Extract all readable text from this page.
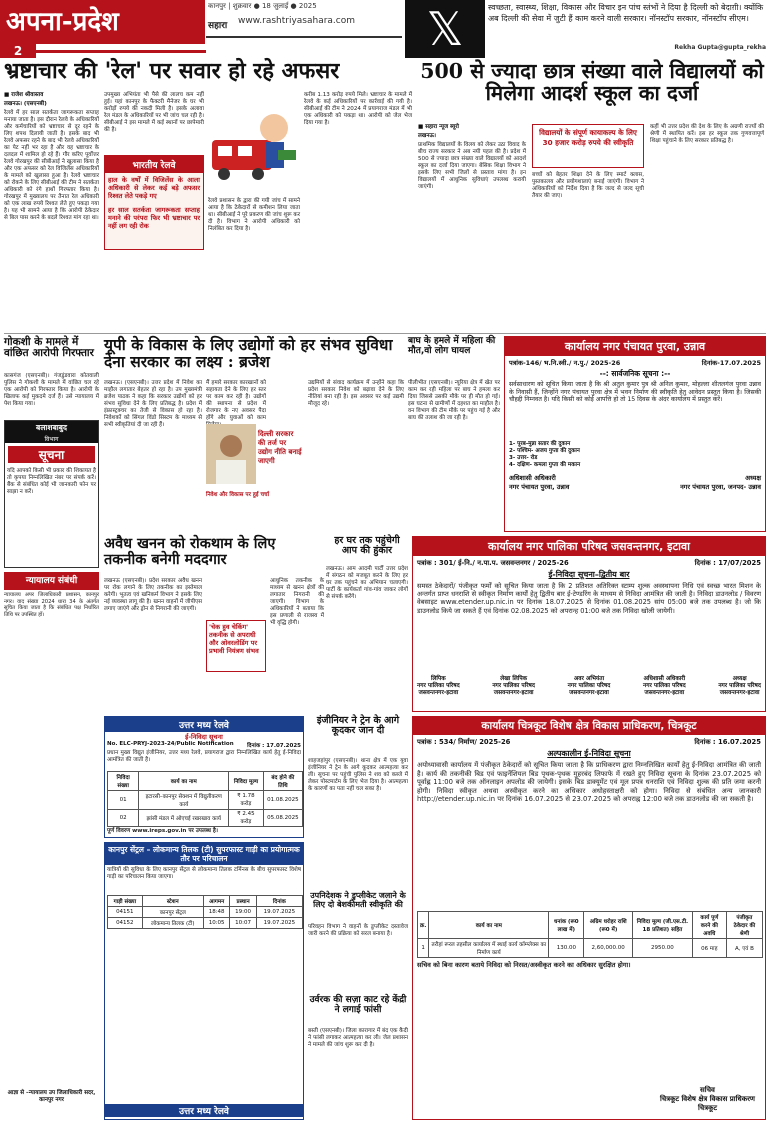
अपना-प्रदेश
2
कानपुर | शुक्रवार ● 18 जुलाई ● 2025
सहारा	www.rashtriyasahara.com	𝕏	स्वच्छता, स्वास्थ्य, शिक्षा, विकास और विचार इन पांच स्तंभों ने दिया है दिल्ली को बेदाग़ी। क्योंकि अब दिल्ली की सेवा में जुटी हैं काम करने वाली सरकार। नॉनस्टॉप सरकार, नॉनस्टॉप सीएम।
Rekha Gupta@gupta_rekha
भ्रष्टाचार की 'रेल' पर सवार हो रहे अफसर
■ राजेश श्रीवास्तव
लखनऊ। (एसएनबी)
रेलवे में हर साल सतर्कता जागरूकता सप्ताह मनाया जाता है। इस दौरान रेलवे के अधिकारियों और कर्मचारियों को भ्रष्टाचार से दूर रहने के लिए शपथ दिलायी जाती है। इसके बाद भी रेलवे अफसर रहने के बाद भी रेलवे अधिकारियों का पेट नहीं भर रहा है और वह भ्रष्टाचार के दलदल में शामिल हो रहे हैं। गौर करिए पूर्वोत्तर रेलवे गोरखपुर की सीबीआई ने खुलासा किया है और एक अफसर को रेल विजिलेंस अधिकारियों के मामले को खुलासा हुआ है। रेलवे भ्रष्टाचार को रोकने के लिए सीबीआई की टीम ने सतर्कता अधिकारी को रंगे हाथों गिरफ्तार किया है। गोरखपुर में मुख्यालय पर तैनात रेल अधिकारी को एक लाख रुपये रिश्वत लेते हुए पकड़ा गया है। यह भी सामने आया है कि आरोपी ठेकेदार से बिल पास करने के बदले रिश्वत मांग रहा था।
उपमुख्य अभियंता भी पैसे की लालच कम नहीं हुई। यहां कानपुर के फैक्टरी मैनेजर के घर भी करोड़ों रुपये की नकदी मिली है। इसके अलावा रेल मंडल के अधिकारियों पर भी जांच चल रही है। सीबीआई ने इस मामले में कई स्थानों पर छापेमारी की है।
भारतीय रेलवे
हाल के वर्षों में विजिलेंस के आला अधिकारी से लेकर कई बड़े अफसर रिश्वत लेते पकड़े गए
हर साल सतर्कता जागरूकता सप्ताह मनाने की परंपरा फिर भी भ्रष्टाचार पर नहीं लग रही रोक
रेलवे प्रशासन के द्वारा की गयी जांच में सामने आया है कि ठेकेदारों से कमीशन लिया जाता था। सीबीआई ने पूरे प्रकरण की जांच शुरू कर दी है। विभाग ने आरोपी अधिकारी को निलंबित कर दिया है।
करीब 1.13 करोड़ रुपये मिले। भ्रष्टाचार के मामले में रेलवे के कई अधिकारियों पर कार्रवाई की गयी है। सीबीआई की टीम ने 2024 में प्रयागराज मंडल में भी एक अधिकारी को पकड़ा था। आरोपी को जेल भेज दिया गया है।
500 से ज्यादा छात्र संख्या वाले विद्यालयों को मिलेगा आदर्श स्कूल का दर्जा
■ सहारा न्यूज ब्यूरो
लखनऊ।
प्राथमिक विद्यालयों के विलय को लेकर उठा विवाद के बीच राज्य सरकार ने अब नयी पहल की है। प्रदेश में 500 से ज्यादा छात्र संख्या वाले विद्यालयों को आदर्श स्कूल का दर्जा दिया जाएगा। बेसिक शिक्षा विभाग ने इसके लिए सभी जिलों से प्रस्ताव मांगा है। इन विद्यालयों में आधुनिक सुविधाएं उपलब्ध करायी जाएंगी।
विद्यालयों के संपूर्ण कायाकल्प के लिए 30 हजार करोड़ रुपये की स्वीकृति
बच्चों को बेहतर शिक्षा देने के लिए स्मार्ट क्लास, पुस्तकालय और प्रयोगशालाएं बनाई जाएंगी। विभाग ने अधिकारियों को निर्देश दिया है कि जल्द से जल्द सूची तैयार की जाए।
कहीं भी उत्तर प्रदेश की देश के लिए के अग्रणी राज्यों की श्रेणी में स्थापित करें। इस हर स्कूल तक गुणवत्तापूर्ण शिक्षा पहुंचाने के लिए सरकार प्रतिबद्ध है।
गोकशी के मामले में वांछित आरोपी गिरफ्तार
कासगंज (एसएनबी)। गंजडुंडवारा कोतवाली पुलिस ने गोकशी के मामले में वांछित चल रहे एक आरोपी को गिरफ्तार किया है। आरोपी के खिलाफ कई मुकदमे दर्ज हैं। उसे न्यायालय में पेश किया गया।
बलाशबाबुद
विभाग
सूचना
यदि आपको किसी भी प्रकार की शिकायत है तो कृपया निम्नलिखित नंबर पर संपर्क करें। बैंक से संबंधित कोई भी जानकारी फोन पर साझा न करें।
न्यायालय संबंधी
न्यायालय अपर जिलाधिकारी प्रशासन, कानपुर नगर। वाद संख्या 2024 धारा 34 के अंतर्गत सूचित किया जाता है कि संबंधित पक्ष निर्धारित तिथि पर उपस्थित हों।
आज्ञा से –न्यायालय उप जिलाधिकारी सदर, कानपुर नगर
यूपी के विकास के लिए उद्योगों को हर संभव सुविधा देना सरकार का लक्ष्य : ब्रजेश
लखनऊ। (एसएनबी)। उत्तर प्रदेश में निवेश का माहौल लगातार बेहतर हो रहा है। उप मुख्यमंत्री ब्रजेश पाठक ने कहा कि सरकार उद्योगों को हर संभव सुविधा देने के लिए प्रतिबद्ध है। प्रदेश में इंफ्रास्ट्रक्चर का तेजी से विकास हो रहा है। निवेशकों को सिंगल विंडो सिस्टम के माध्यम से सभी स्वीकृतियां दी जा रही हैं।
मैं हमारे सरकार कारखानों को सहायता देने के लिए हर स्तर पर काम कर रही है। उद्योगों की स्थापना से प्रदेश में रोजगार के नए अवसर पैदा होंगे और युवाओं को काम
दिल्ली सरकार की तर्ज पर उद्योग नीति बनाई जाएगी
निवेश और विकास पर हुई चर्चा
उद्यमियों से संवाद कार्यक्रम में उन्होंने कहा कि प्रदेश सरकार निवेश को बढ़ावा देने के लिए नीतियां बना रही है। इस अवसर पर कई उद्यमी मौजूद रहे।
बाघ के हमले में महिला की मौत,वो लोग घायल
पीलीभीत (एसएनबी)। न्यूरिया क्षेत्र में खेत पर काम कर रही महिला पर बाघ ने हमला कर दिया जिससे उसकी मौके पर ही मौत हो गई। इस घटना से ग्रामीणों में दहशत का माहौल है। वन विभाग की टीम मौके पर पहुंच गई है और बाघ की तलाश की जा रही है।
कार्यालय नगर पंचायत पुरवा, उन्नाव
पत्रांक-146/ भ.नि.स्वी./ न.पु./ 2025-26	दिनांक-17.07.2025
--: सार्वजनिक सूचना :--
सर्वसाधारण को सूचित किया जाता है कि श्री अतुल कुमार पुत्र श्री अनिल कुमार, मोहल्ला शीतलगंज पुरवा उन्नाव के निवासी हैं, जिन्होंने नगर पंचायत पुरवा क्षेत्र में भवन निर्माण की स्वीकृति हेतु आवेदन प्रस्तुत किया है। जिसकी चौहद्दी निम्नवत है। यदि किसी को कोई आपत्ति हो तो 15 दिवस के अंदर कार्यालय में प्रस्तुत करें।
1- पूरब-मुन्ना सतार की दुकान
2- पश्चिम- अजय गुप्ता की दुकान
3- उत्तर- रोड
4- दक्षिण- कमला गुप्ता की मकान
अधिशासी अधिकारी	अध्यक्ष
नगर पंचायत पुरवा, उन्नाव	नगर पंचायत पुरवा, जनपद- उन्नाव
अवैध खनन को रोकथाम के लिए तकनीक बनेगी मददगार
लखनऊ (एसएनबी)। प्रदेश सरकार अवैध खनन पर रोक लगाने के लिए तकनीक का इस्तेमाल करेगी। भूतत्व एवं खनिकर्म विभाग ने इसके लिए नई व्यवस्था लागू की है। खनन वाहनों में जीपीएस लगाए जाएंगे और ड्रोन से निगरानी की जाएगी।
'चेक हुव चेकिंग' तकनीक से अपराधी और ओवरलोडिंग पर प्रभावी नियंत्रण संभव
आधुनिक तकनीक के माध्यम से खनन क्षेत्रों की लगातार निगरानी की जाएगी। विभाग के अधिकारियों ने बताया कि इस प्रणाली से राजस्व में भी वृद्धि होगी।
हर घर तक पहुंचेगी आप की हुंकार
लखनऊ। आम आदमी पार्टी उत्तर प्रदेश में संगठन को मजबूत करने के लिए हर घर तक पहुंचने का अभियान चलाएगी। पार्टी के कार्यकर्ता गांव-गांव जाकर लोगों से संपर्क करेंगे।
कार्यालय नगर पालिका परिषद जसवन्तनगर, इटावा
पत्रांक : 301/ ई-नि./ न.पा.प. जसवन्तनगर / 2025-26	दिनांक : 17/07/2025
ई-निविदा सूचना–द्वितीय बार
समस्त ठेकेदारों/ पंजीकृत फर्मों को सूचित किया जाता है कि 2 प्रतिशत अतिरिक्त स्टाम्प शुल्क अवस्थापना निधि एवं स्वच्छ भारत मिशन के अन्तर्गत प्राप्त धनराशि से स्वीकृत निर्माण कार्यों हेतु द्वितीय बार ई-टेण्डरिंग के माध्यम से निविदा आमंत्रित की जाती है। निविदा डाउनलोड / विवरण वेबसाइट www.etender.up.nic.in पर दिनांक 18.07.2025 से दिनांक 01.08.2025 सांय 05:00 बजे तक उपलब्ध है। जो कि डाउनलोड किये जा सकते हैं एवं दिनांक 02.08.2025 को अपरान्ह 01:00 बजे तक निविदा खोली जायेगी।
लिपिक
नगर पालिका परिषद
जसवन्तनगर-इटावा
लेखा लिपिक
नगर पालिका परिषद
जसवन्तनगर-इटावा
अवर अभियंता
नगर पालिका परिषद
जसवन्तनगर-इटावा
अधिशासी अधिकारी
नगर पालिका परिषद
जसवन्तनगर-इटावा
अध्यक्ष
नगर पालिका परिषद
जसवन्तनगर-इटावा
उत्तर मध्य रेलवे
ई-निविदा सूचना
No. ELC-PRYJ-2023-24/Public Notification दिनांक : 17.07.2025
प्रधान मुख्य विद्युत इंजीनियर, उत्तर मध्य रेलवे, प्रयागराज द्वारा निम्नलिखित कार्य हेतु ई-निविदा आमंत्रित की जाती है।
निविदा संख्या	कार्य का नाम	निविदा मूल्य	बंद होने की तिथि
01	इटारसी–कानपुर सेक्शन में विद्युतीकरण कार्य	₹ 1.78 करोड़	01.08.2025
02	झांसी मंडल में ओएचई रखरखाव कार्य	₹ 2.45 करोड़	05.08.2025
पूर्ण विवरण www.ireps.gov.in पर उपलब्ध है।
कानपुर सेंट्रल – लोकमान्य तिलक (टी) सुपरफास्ट गाड़ी का प्रयोगात्मक तौर पर परिचालन
यात्रियों की सुविधा के लिए कानपुर सेंट्रल से लोकमान्य तिलक टर्मिनस के बीच सुपरफास्ट विशेष गाड़ी का परिचालन किया जाएगा।
गाड़ी संख्या	स्टेशन	आगमन	प्रस्थान	दिनांक
04151	कानपुर सेंट्रल	18:48	19:00	19.07.2025
04152	लोकमान्य तिलक (टी)	10:05	10:07	19.07.2025
उत्तर मध्य रेलवे
इंजीनियर ने ट्रेन के आगे कूदकर जान दी
शाहजहांपुर (एसएनबी)। थाना क्षेत्र में एक युवा इंजीनियर ने ट्रेन के आगे कूदकर आत्महत्या कर ली। सूचना पर पहुंची पुलिस ने शव को कब्जे में लेकर पोस्टमार्टम के लिए भेज दिया है। आत्महत्या के कारणों का पता नहीं चल सका है।
उर्वरक की सज़ा काट रहे केंद्री ने लगाई फांसी
बस्ती (एसएनबी)। जिला कारागार में बंद एक कैदी ने फांसी लगाकर आत्महत्या कर ली। जेल प्रशासन ने मामले की जांच शुरू कर दी है।
उपनिदेशक ने डुप्लीकेट जलाने के लिए दो बेशकीमती स्वीकृति की
परिवहन विभाग ने वाहनों के डुप्लीकेट दस्तावेज जारी करने की प्रक्रिया को सरल बनाया है।
कार्यालय चित्रकूट विशेष क्षेत्र विकास प्राधिकरण, चित्रकूट
पत्रांक : 534/ निर्माण/ 2025-26	दिनांक : 16.07.2025
अल्पकालीन ई-निविदा सूचना
अयोध्यावासी कार्यालय में पंजीकृत ठेकेदारों को सूचित किया जाता है कि प्राधिकरण द्वारा निम्नलिखित कार्यों हेतु ई-निविदा आमंत्रित की जाती है। कार्य की तकनीकी बिड एवं फाइनेंशियल बिड पृथक-पृथक मुहरबंद लिफाफे में रखते हुए निविदा सूचना के दिनांक 23.07.2025 को पूर्वाह्न 11:00 बजे तक ऑनलाइन अपलोड की जायेगी। इसके बिड डाक्यूमेंट एवं मूल प्रपत्र धनराशि एवं निविदा शुल्क की प्रति जमा करनी होगी। निविदा स्वीकृत अथवा अस्वीकृत करने का अधिकार अधोहस्ताक्षरी को होगा। निविदा से संबंधित अन्य जानकारी http://etender.up.nic.in पर दिनांक 16.07.2025 से 23.07.2025 को अपराह्न 12:00 बजे तक डाउनलोड की जा सकती है।
क्र.	कार्य का नाम	धनांक (रू0 लाख में)	अग्रिम धरोहर राशि (रू0 में)	निविदा मूल्य (जी.एस.टी. 18 प्रतिशत) सहित	कार्य पूर्ण करने की अवधि	पंजीकृत ठेकेदार की श्रेणी
1	तरौहां रूरल तहसील कार्यालय में स्थाई कार्य कॉम्प्लेक्स का निर्माण कार्य	130.00	2,60,000.00	2950.00	06 माह	A, एवं B
सचिव को बिना कारण बताये निविदा को निरस्त/अस्वीकृत करने का अधिकार सुरक्षित होगा।
सचिव
चित्रकूट विशेष क्षेत्र विकास प्राधिकरण
चित्रकूट
